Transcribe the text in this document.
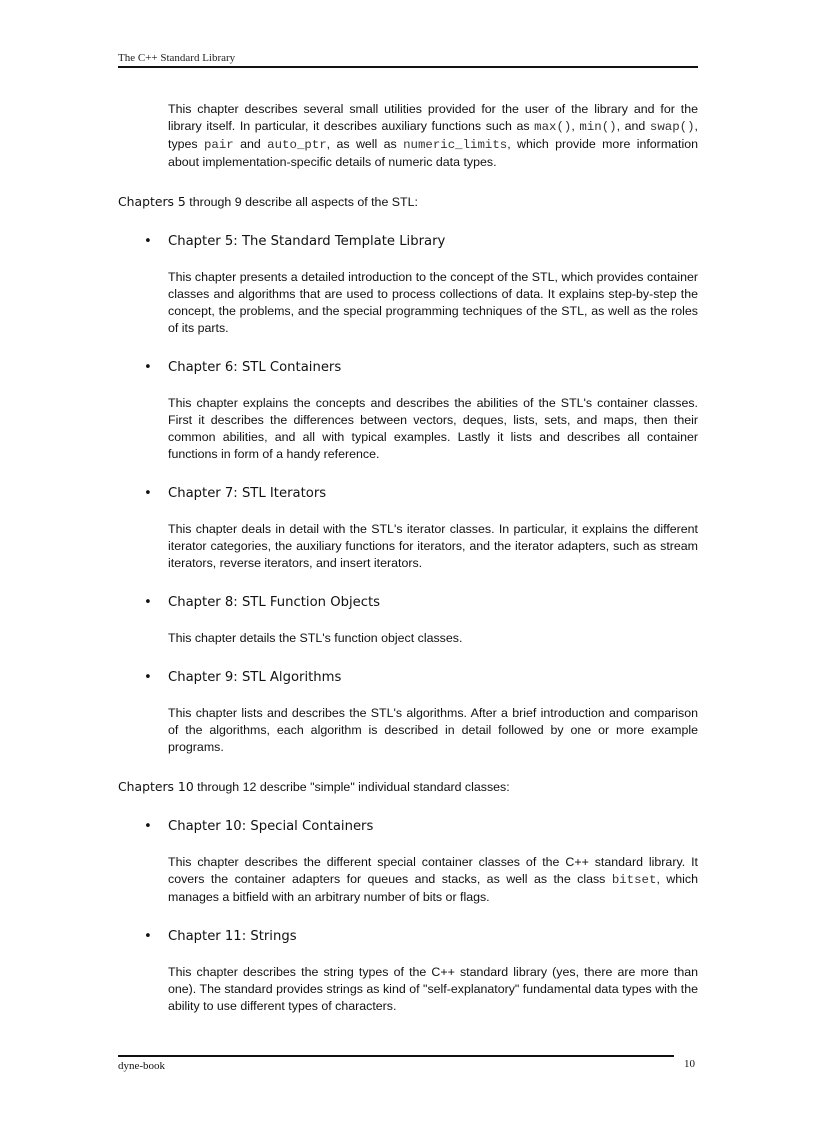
The C++ Standard Library

This chapter describes several small utilities provided for the user of the library and for the library itself. In particular, it describes auxiliary functions such as max(), min(), and swap(), types pair and auto_ptr, as well as numeric_limits, which provide more information about implementation-specific details of numeric data types.

Chapters 5 through 9 describe all aspects of the STL:
• Chapter 5: The Standard Template Library

This chapter presents a detailed introduction to the concept of the STL, which provides container classes and algorithms that are used to process collections of data. It explains step-by-step the concept, the problems, and the special programming techniques of the STL, as well as the roles of its parts.

• Chapter 6: STL Containers

This chapter explains the concepts and describes the abilities of the STL's container classes. First it describes the differences between vectors, deques, lists, sets, and maps, then their common abilities, and all with typical examples. Lastly it lists and describes all container functions in form of a handy reference.

• Chapter 7: STL Iterators

This chapter deals in detail with the STL's iterator classes. In particular, it explains the different iterator categories, the auxiliary functions for iterators, and the iterator adapters, such as stream iterators, reverse iterators, and insert iterators.

• Chapter 8: STL Function Objects

This chapter details the STL's function object classes.

• Chapter 9: STL Algorithms

This chapter lists and describes the STL's algorithms. After a brief introduction and comparison of the algorithms, each algorithm is described in detail followed by one or more example programs.

Chapters 10 through 12 describe "simple" individual standard classes:
• Chapter 10: Special Containers

This chapter describes the different special container classes of the C++ standard library. It covers the container adapters for queues and stacks, as well as the class bitset, which manages a bitfield with an arbitrary number of bits or flags.

• Chapter 11: Strings

This chapter describes the string types of the C++ standard library (yes, there are more than one). The standard provides strings as kind of "self-explanatory" fundamental data types with the ability to use different types of characters.

dyne-book	10
